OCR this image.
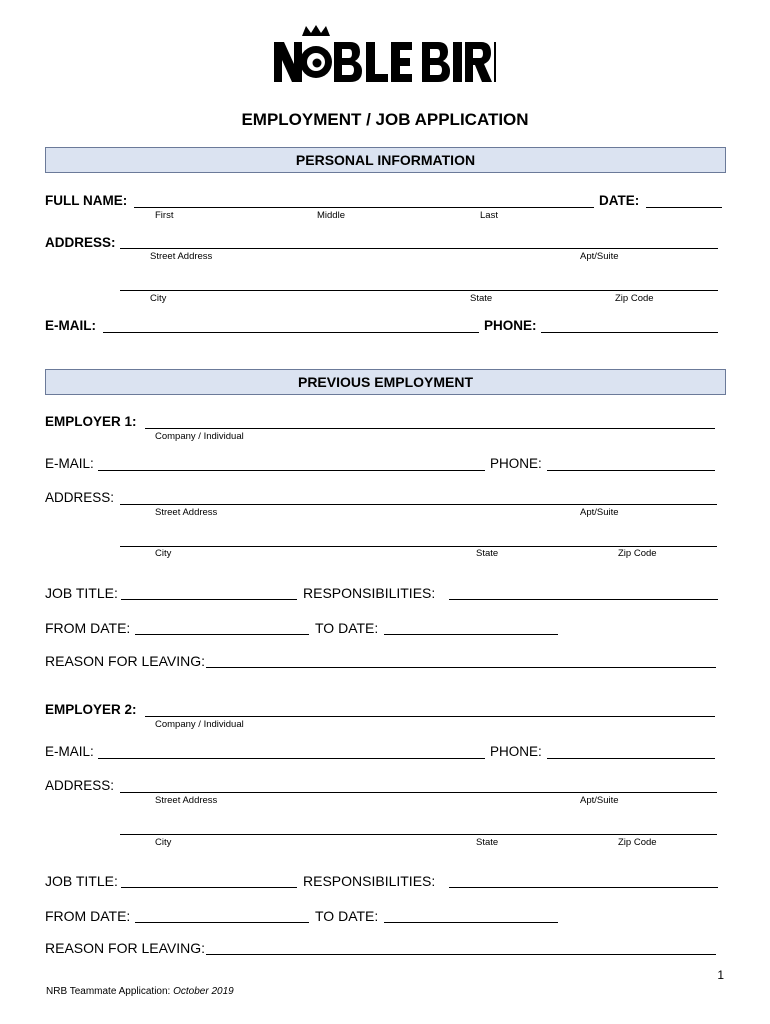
EMPLOYMENT / JOB APPLICATION
PERSONAL INFORMATION
FULL NAME:	DATE:
First	Middle	Last
ADDRESS:
Street Address	Apt/Suite
City	State	Zip Code
E-MAIL:	PHONE:
PREVIOUS EMPLOYMENT
EMPLOYER 1:
Company / Individual
E-MAIL:	PHONE:
ADDRESS:
Street Address	Apt/Suite
City	State	Zip Code
JOB TITLE:	RESPONSIBILITIES:
FROM DATE:	TO DATE:
REASON FOR LEAVING:
EMPLOYER 2:
Company / Individual
E-MAIL:	PHONE:
ADDRESS:
Street Address	Apt/Suite
City	State	Zip Code
JOB TITLE:	RESPONSIBILITIES:
FROM DATE:	TO DATE:
REASON FOR LEAVING:
1
NRB Teammate Application: October 2019
